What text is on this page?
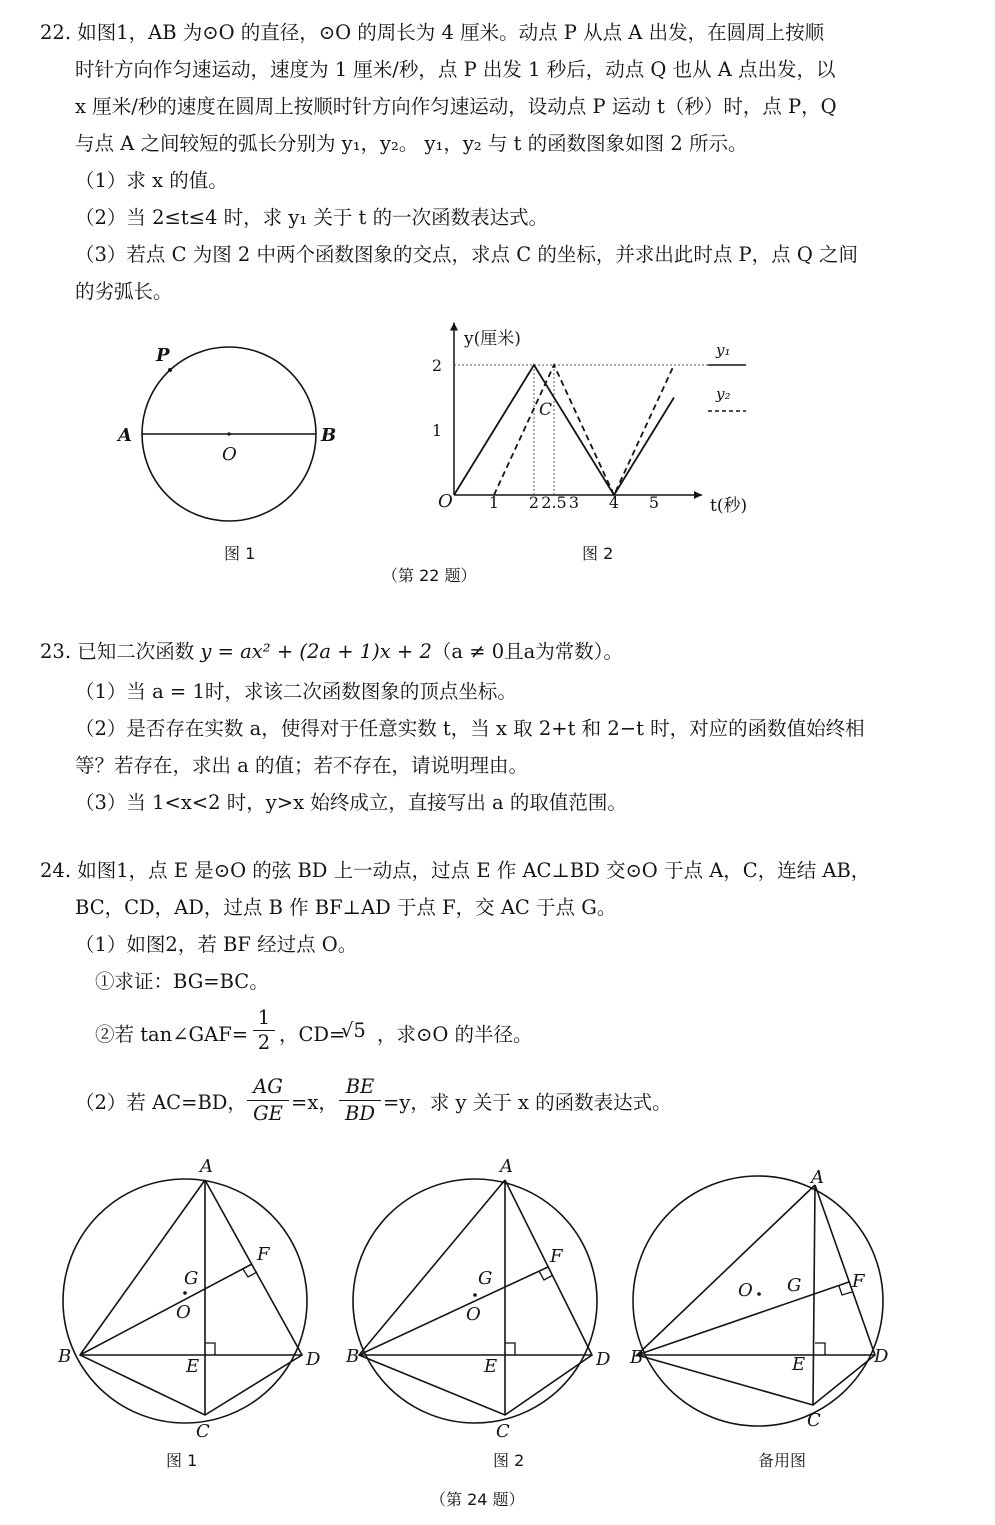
22. 如图1，AB 为⊙O 的直径，⊙O 的周长为 4 厘米。动点 P 从点 A 出发，在圆周上按顺
时针方向作匀速运动，速度为 1 厘米/秒，点 P 出发 1 秒后，动点 Q 也从 A 点出发，以
x 厘米/秒的速度在圆周上按顺时针方向作匀速运动，设动点 P 运动 t（秒）时，点 P，Q
与点 A 之间较短的弧长分别为 y₁，y₂。 y₁，y₂ 与 t 的函数图象如图 2 所示。
（1）求 x 的值。
（2）当 2≤t≤4 时，求 y₁ 关于 t 的一次函数表达式。
（3）若点 C 为图 2 中两个函数图象的交点，求点 C 的坐标，并求出此时点 P，点 Q 之间
的劣弧长。
P
A	B
O
图 1
1 2 2.5 3 4 5
1
2
y(厘米)
t(秒)
O
C
y₁
y₂
图 2
（第 22 题）
23. 已知二次函数 y = ax² + (2a + 1)x + 2（a ≠ 0且a为常数）。
（1）当 a = 1时，求该二次函数图象的顶点坐标。
（2）是否存在实数 a，使得对于任意实数 t，当 x 取 2+t 和 2−t 时，对应的函数值始终相
等？若存在，求出 a 的值；若不存在，请说明理由。
（3）当 1<x<2 时，y>x 始终成立，直接写出 a 的取值范围。
24. 如图1，点 E 是⊙O 的弦 BD 上一动点，过点 E 作 AC⊥BD 交⊙O 于点 A，C，连结 AB，
BC，CD，AD，过点 B 作 BF⊥AD 于点 F，交 AC 于点 G。
（1）如图2，若 BF 经过点 O。
①求证：BG=BC。
②若 tan∠GAF=
1
2 ，CD=
√5 ，求⊙O 的半径。
（2）若 AC=BD，
AG
GE =x，
BE
BD =y，求 y 关于 x 的函数表达式。
A
B
C
D
E
F
G
O
A
B
C
D
E
F
G
O
A
B
C
D
E
F
G
O
图 1	图 2	备用图
（第 24 题）
